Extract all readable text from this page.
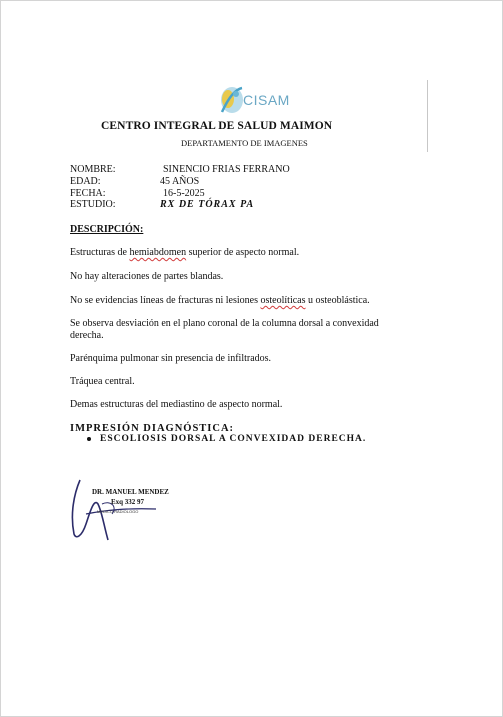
CISAM
CENTRO INTEGRAL DE SALUD MAIMON
DEPARTAMENTO DE IMAGENES
NOMBRE:	SINENCIO FRIAS FERRANO
EDAD:	45 AÑOS
FECHA:	16-5-2025
ESTUDIO:	RX DE TÓRAX PA
DESCRIPCIÓN:
Estructuras de hemiabdomen superior de aspecto normal.
No hay alteraciones de partes blandas.
No se evidencias líneas de fracturas ni lesiones osteolíticas u osteoblástica.
Se observa desviación en el plano coronal de la columna dorsal a convexidad derecha.
Parénquima pulmonar sin presencia de infiltrados.
Tráquea central.
Demas estructuras del mediastino de aspecto normal.
IMPRESIÓN DIAGNÓSTICA:
ESCOLIOSIS DORSAL A CONVEXIDAD DERECHA.
DR. MANUEL MENDEZ
Exq 332 97
MEDICO RADIOLOGO
